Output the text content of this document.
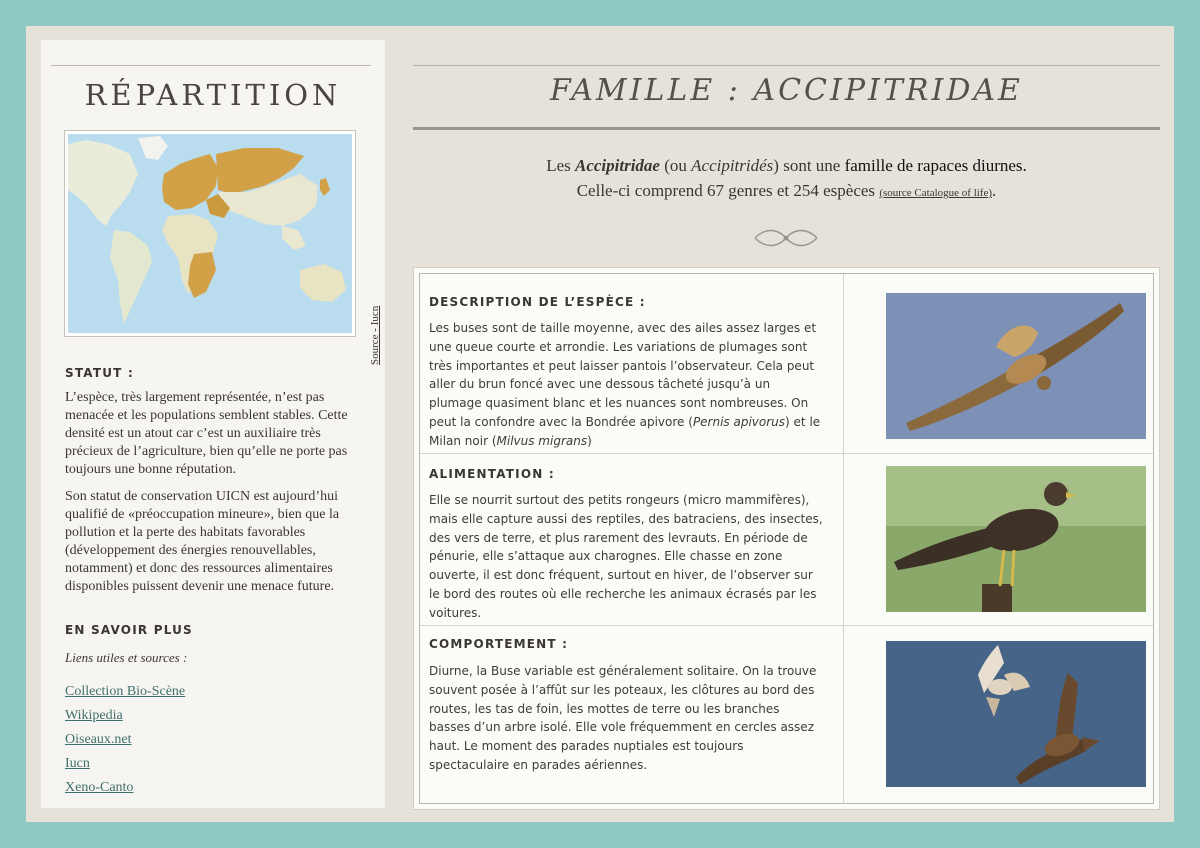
RÉPARTITION
Source - Iucn
STATUT :
L’espèce, très largement représentée, n’est pas menacée et les populations semblent stables. Cette densité est un atout car c’est un auxiliaire très précieux de l’agriculture, bien qu’elle ne porte pas toujours une bonne réputation.
Son statut de conservation UICN est aujourd’hui qualifié de «préoccupation mineure», bien que la pollution et la perte des habitats favorables (développement des énergies renouvellables, notamment) et donc des ressources alimentaires disponibles puissent devenir une menace future.
EN SAVOIR PLUS
Liens utiles et sources :
Collection Bio-Scène
Wikipedia
Oiseaux.net
Iucn
Xeno-Canto
FAMILLE : ACCIPITRIDAE
Les Accipitridae (ou Accipitridés) sont une famille de rapaces diurnes.
Celle-ci comprend 67 genres et 254 espèces (source Catalogue of life).
DESCRIPTION DE L’ESPÈCE :
Les buses sont de taille moyenne, avec des ailes assez larges et une queue courte et arrondie. Les variations de plumages sont très importantes et peut laisser pantois l’observateur. Cela peut aller du brun foncé avec une dessous tâcheté jusqu’à un plumage quasiment blanc et les nuances sont nombreuses. On peut la confondre avec la Bondrée apivore (Pernis apivorus) et le Milan noir (Milvus migrans)
ALIMENTATION :
Elle se nourrit surtout des petits rongeurs (micro mammifères), mais elle capture aussi des reptiles, des batraciens, des insectes, des vers de terre, et plus rarement des levrauts. En période de pénurie, elle s’attaque aux charognes. Elle chasse en zone ouverte, il est donc fréquent, surtout en hiver, de l’observer sur le bord des routes où elle recherche les animaux écrasés par les voitures.
COMPORTEMENT :
Diurne, la Buse variable est généralement solitaire. On la trouve souvent posée à l’affût sur les poteaux, les clôtures au bord des routes, les tas de foin, les mottes de terre ou les branches basses d’un arbre isolé. Elle vole fréquemment en cercles assez haut. Le moment des parades nuptiales est toujours spectaculaire en parades aériennes.
